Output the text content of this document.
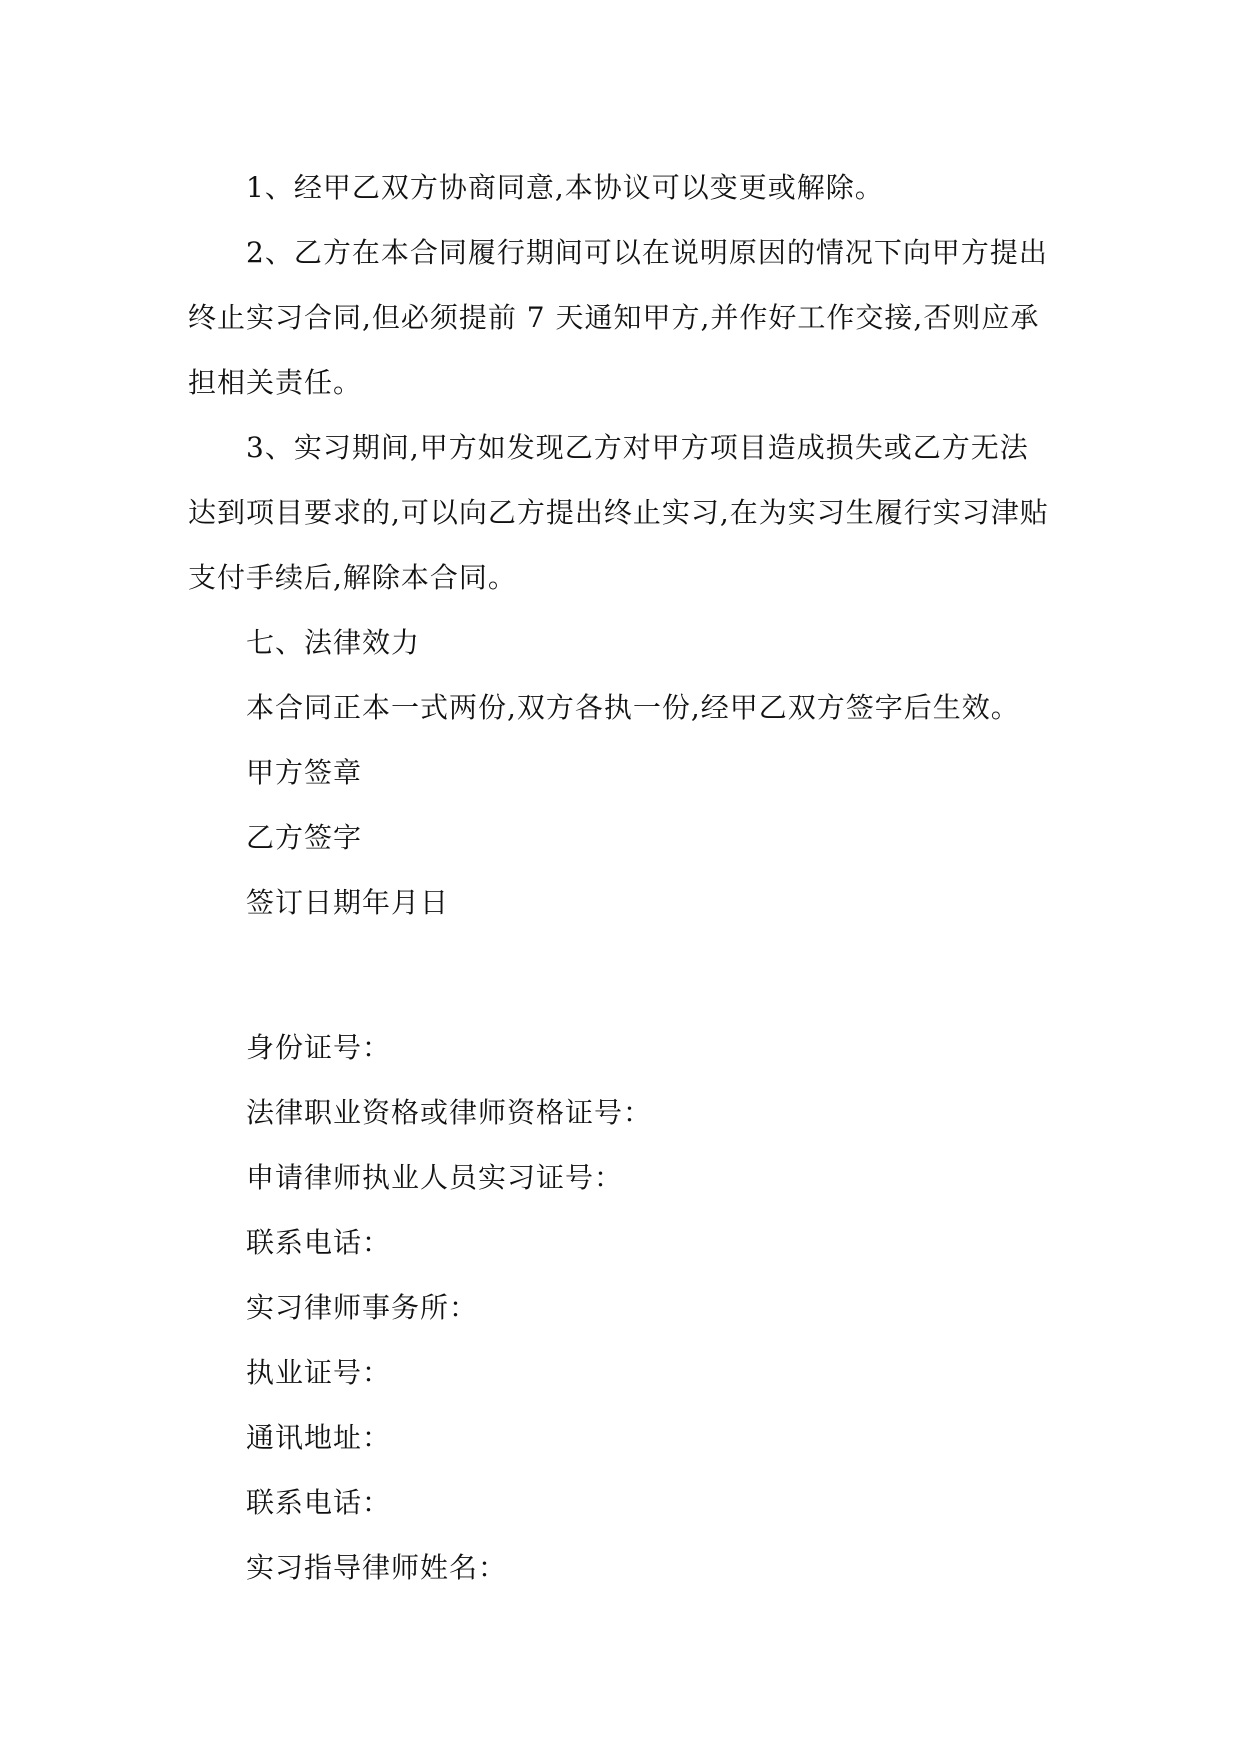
1、经甲乙双方协商同意,本协议可以变更或解除。

2、乙方在本合同履行期间可以在说明原因的情况下向甲方提出终止实习合同,但必须提前 7 天通知甲方,并作好工作交接,否则应承担相关责任。

3、实习期间,甲方如发现乙方对甲方项目造成损失或乙方无法达到项目要求的,可以向乙方提出终止实习,在为实习生履行实习津贴支付手续后,解除本合同。

七、法律效力

本合同正本一式两份,双方各执一份,经甲乙双方签字后生效。

甲方签章

乙方签字

签订日期年月日

身份证号：

法律职业资格或律师资格证号：

申请律师执业人员实习证号：

联系电话：

实习律师事务所：

执业证号：

通讯地址：

联系电话：

实习指导律师姓名：
